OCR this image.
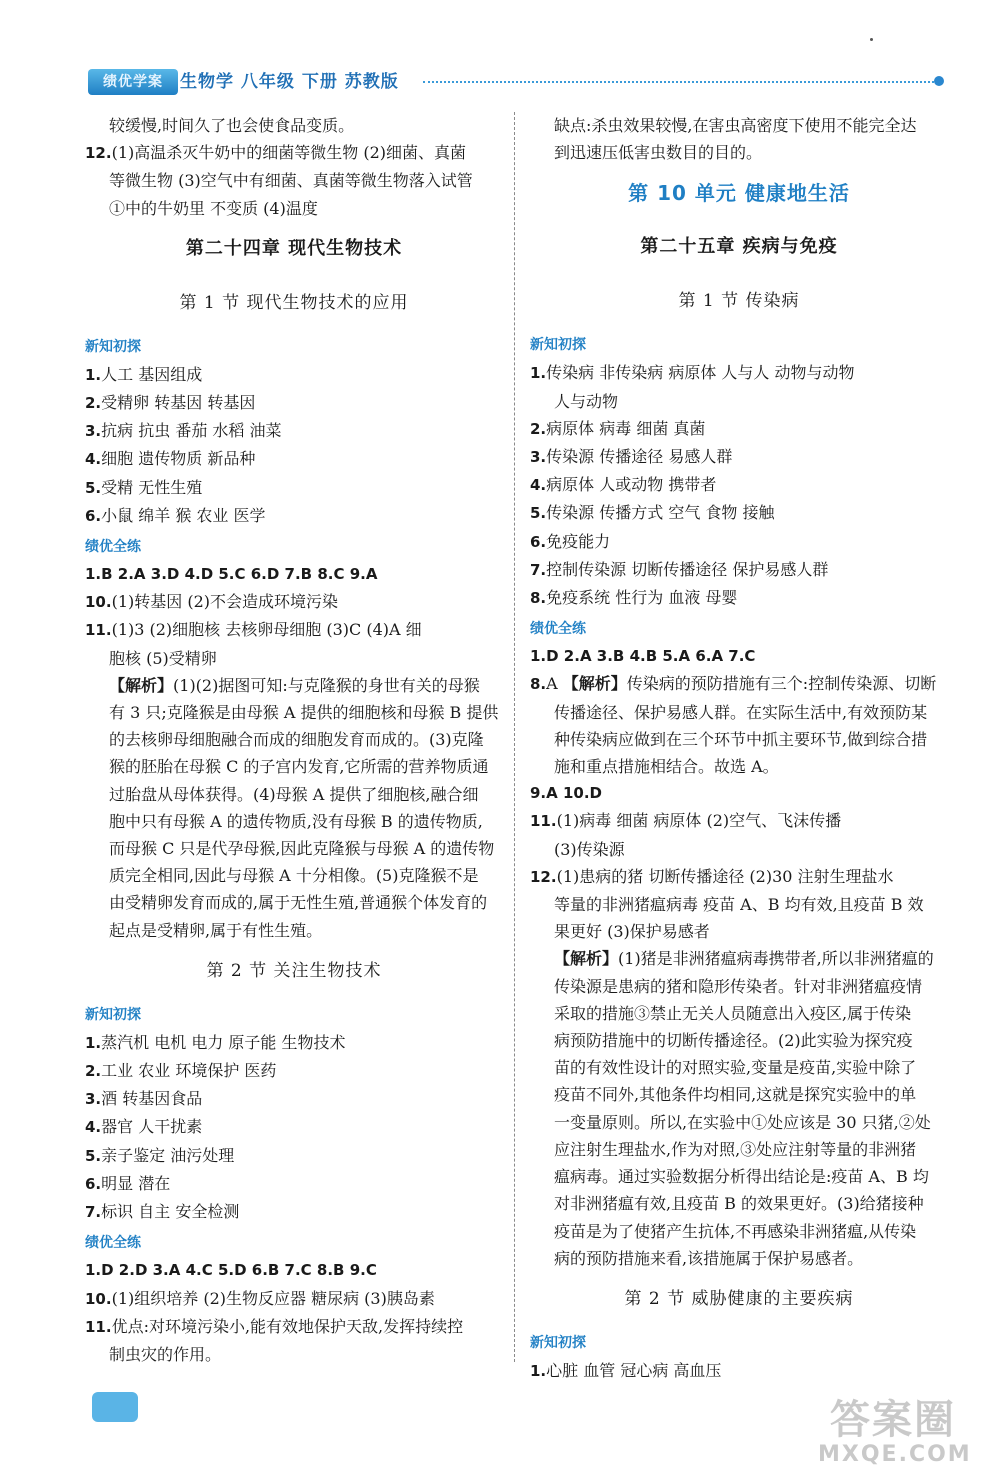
绩优学案	生物学 八年级 下册 苏教版
较缓慢,时间久了也会使食品变质。
12.(1)高温杀灭牛奶中的细菌等微生物 (2)细菌、真菌
等微生物 (3)空气中有细菌、真菌等微生物落入试管
①中的牛奶里 不变质 (4)温度
第二十四章 现代生物技术
第 1 节 现代生物技术的应用
新知初探
1.人工 基因组成
2.受精卵 转基因 转基因
3.抗病 抗虫 番茄 水稻 油菜
4.细胞 遗传物质 新品种
5.受精 无性生殖
6.小鼠 绵羊 猴 农业 医学
绩优全练
1.B 2.A 3.D 4.D 5.C 6.D 7.B 8.C 9.A
10.(1)转基因 (2)不会造成环境污染
11.(1)3 (2)细胞核 去核卵母细胞 (3)C (4)A 细
胞核 (5)受精卵
【解析】(1)(2)据图可知:与克隆猴的身世有关的母猴
有 3 只;克隆猴是由母猴 A 提供的细胞核和母猴 B 提供
的去核卵母细胞融合而成的细胞发育而成的。(3)克隆
猴的胚胎在母猴 C 的子宫内发育,它所需的营养物质通
过胎盘从母体获得。(4)母猴 A 提供了细胞核,融合细
胞中只有母猴 A 的遗传物质,没有母猴 B 的遗传物质,
而母猴 C 只是代孕母猴,因此克隆猴与母猴 A 的遗传物
质完全相同,因此与母猴 A 十分相像。(5)克隆猴不是
由受精卵发育而成的,属于无性生殖,普通猴个体发育的
起点是受精卵,属于有性生殖。
第 2 节 关注生物技术
新知初探
1.蒸汽机 电机 电力 原子能 生物技术
2.工业 农业 环境保护 医药
3.酒 转基因食品
4.器官 人干扰素
5.亲子鉴定 油污处理
6.明显 潜在
7.标识 自主 安全检测
绩优全练
1.D 2.D 3.A 4.C 5.D 6.B 7.C 8.B 9.C
10.(1)组织培养 (2)生物反应器 糖尿病 (3)胰岛素
11.优点:对环境污染小,能有效地保护天敌,发挥持续控
制虫灾的作用。
缺点:杀虫效果较慢,在害虫高密度下使用不能完全达
到迅速压低害虫数目的目的。
第 10 单元 健康地生活
第二十五章 疾病与免疫
第 1 节 传染病
新知初探
1.传染病 非传染病 病原体 人与人 动物与动物
人与动物
2.病原体 病毒 细菌 真菌
3.传染源 传播途径 易感人群
4.病原体 人或动物 携带者
5.传染源 传播方式 空气 食物 接触
6.免疫能力
7.控制传染源 切断传播途径 保护易感人群
8.免疫系统 性行为 血液 母婴
绩优全练
1.D 2.A 3.B 4.B 5.A 6.A 7.C
8.A 【解析】传染病的预防措施有三个:控制传染源、切断
传播途径、保护易感人群。在实际生活中,有效预防某
种传染病应做到在三个环节中抓主要环节,做到综合措
施和重点措施相结合。故选 A。
9.A 10.D
11.(1)病毒 细菌 病原体 (2)空气、飞沫传播
(3)传染源
12.(1)患病的猪 切断传播途径 (2)30 注射生理盐水
等量的非洲猪瘟病毒 疫苗 A、B 均有效,且疫苗 B 效
果更好 (3)保护易感者
【解析】(1)猪是非洲猪瘟病毒携带者,所以非洲猪瘟的
传染源是患病的猪和隐形传染者。针对非洲猪瘟疫情
采取的措施③禁止无关人员随意出入疫区,属于传染
病预防措施中的切断传播途径。(2)此实验为探究疫
苗的有效性设计的对照实验,变量是疫苗,实验中除了
疫苗不同外,其他条件均相同,这就是探究实验中的单
一变量原则。所以,在实验中①处应该是 30 只猪,②处
应注射生理盐水,作为对照,③处应注射等量的非洲猪
瘟病毒。通过实验数据分析得出结论是:疫苗 A、B 均
对非洲猪瘟有效,且疫苗 B 的效果更好。(3)给猪接种
疫苗是为了使猪产生抗体,不再感染非洲猪瘟,从传染
病的预防措施来看,该措施属于保护易感者。
第 2 节 威胁健康的主要疾病
新知初探
1.心脏 血管 冠心病 高血压
答案圈
MXQE.COM
